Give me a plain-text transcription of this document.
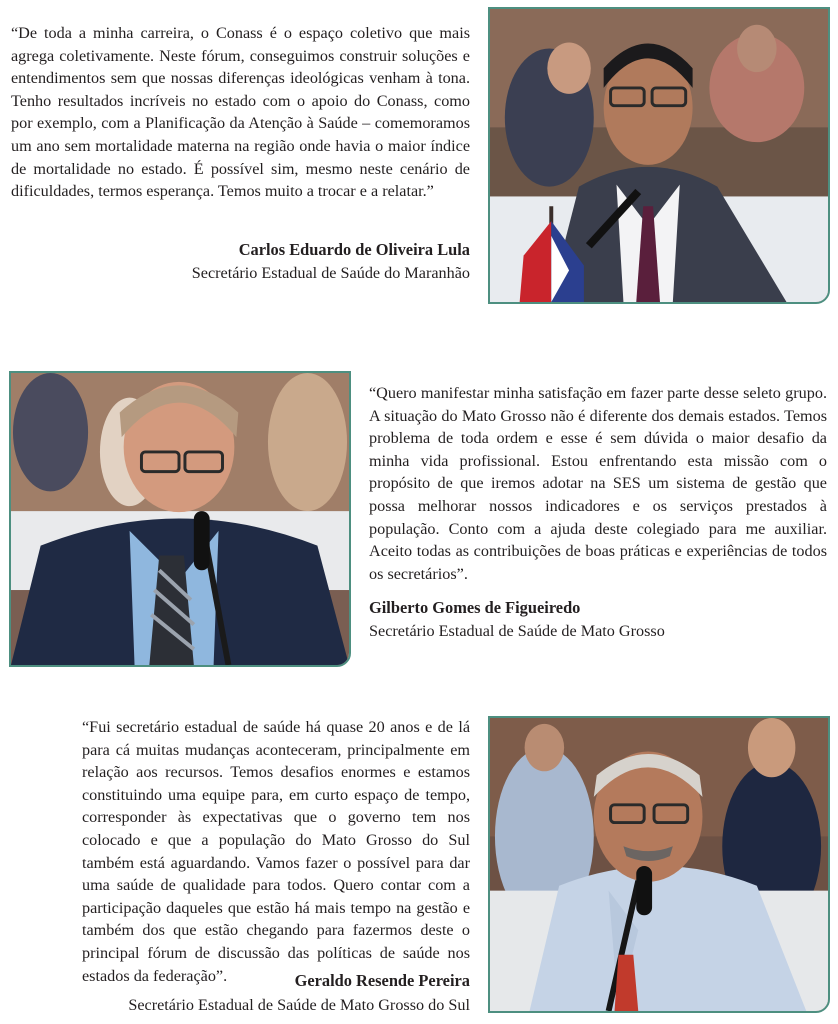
“De toda a minha carreira, o Conass é o espaço coletivo que mais agrega coletivamente. Neste fórum, conseguimos construir soluções e entendimentos sem que nossas diferenças ideológicas venham à tona. Tenho resultados incríveis no estado com o apoio do Conass, como por exemplo, com a Planificação da Atenção à Saúde – comemoramos um ano sem mortalidade materna na região onde havia o maior índice de mortalidade no estado. É possível sim, mesmo neste cenário de dificuldades, termos esperança. Temos muito a trocar e a relatar.”

Carlos Eduardo de Oliveira Lula
Secretário Estadual de Saúde do Maranhão

“Quero manifestar minha satisfação em fazer parte desse seleto grupo. A situação do Mato Grosso não é diferente dos demais estados. Temos problema de toda ordem e esse é sem dúvida o maior desafio da minha vida profissional. Estou enfrentando esta missão com o propósito de que iremos adotar na SES um sistema de gestão que possa melhorar nossos indicadores e os serviços prestados à população. Conto com a ajuda deste colegiado para me auxiliar. Aceito todas as contribuições de boas práticas e experiências de todos os secretários”.

Gilberto Gomes de Figueiredo
Secretário Estadual de Saúde de Mato Grosso

“Fui secretário estadual de saúde há quase 20 anos e de lá para cá muitas mudanças aconteceram, principalmente em relação aos recursos. Temos desafios enormes e estamos constituindo uma equipe para, em curto espaço de tempo, corresponder às expectativas que o governo tem nos colocado e que a população do Mato Grosso do Sul também está aguardando. Vamos fazer o possível para dar uma saúde de qualidade para todos. Quero contar com a participação daqueles que estão há mais tempo na gestão e também dos que estão chegando para fazermos deste o principal fórum de discussão das políticas de saúde nos estados da federação”.	Geraldo Resende Pereira
Secretário Estadual de Saúde de Mato Grosso do Sul
